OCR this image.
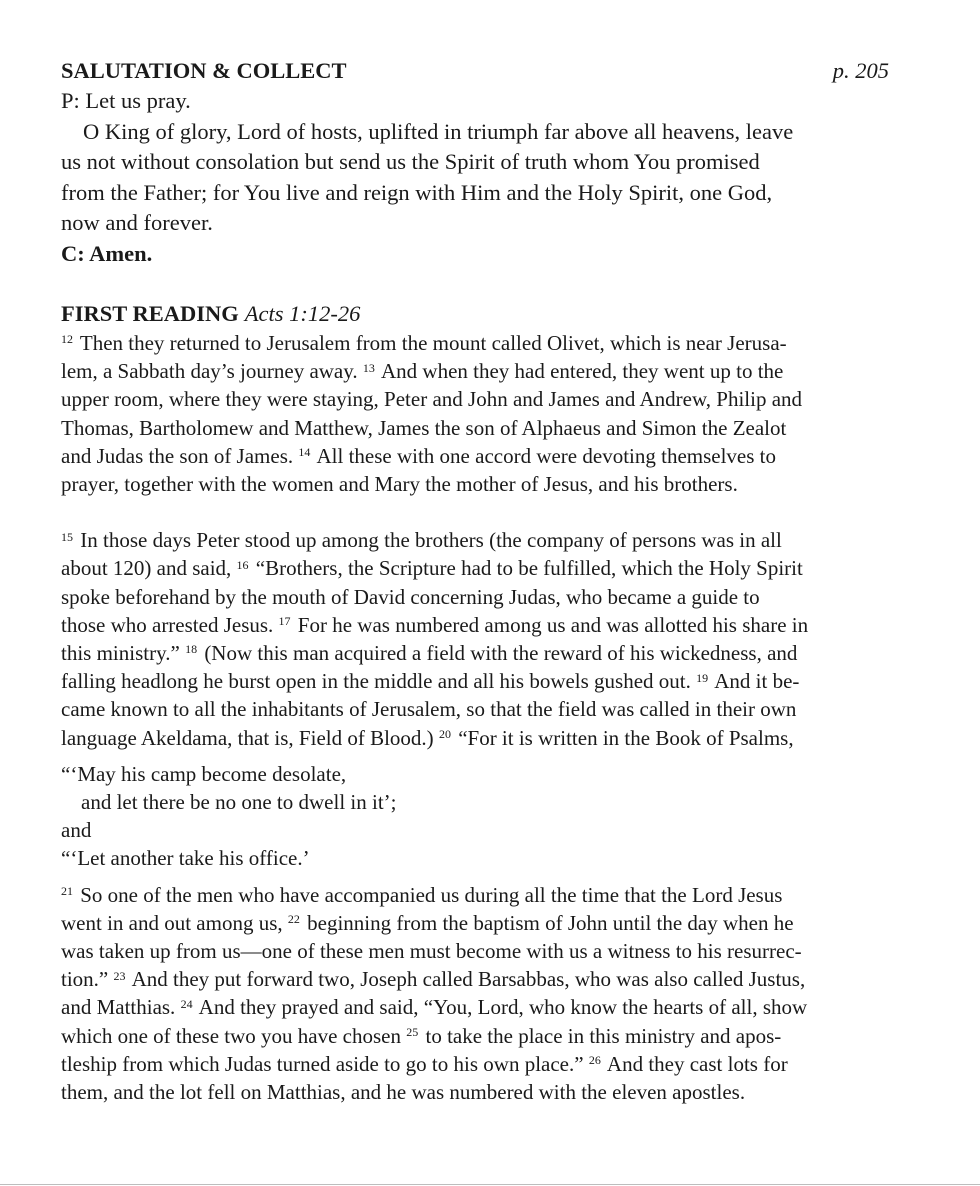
SALUTATION & COLLECT	p. 205
P: Let us pray.
O King of glory, Lord of hosts, uplifted in triumph far above all heavens, leave
us not without consolation but send us the Spirit of truth whom You promised
from the Father; for You live and reign with Him and the Holy Spirit, one God,
now and forever.
C: Amen.
FIRST READING Acts 1:12-26
$^{12}$ Then they returned to Jerusalem from the mount called Olivet, which is near Jerusa-
lem, a Sabbath day’s journey away. $^{13}$ And when they had entered, they went up to the
upper room, where they were staying, Peter and John and James and Andrew, Philip and
Thomas, Bartholomew and Matthew, James the son of Alphaeus and Simon the Zealot
and Judas the son of James. $^{14}$ All these with one accord were devoting themselves to
prayer, together with the women and Mary the mother of Jesus, and his brothers.
$^{15}$ In those days Peter stood up among the brothers (the company of persons was in all
about 120) and said, $^{16}$ “Brothers, the Scripture had to be fulfilled, which the Holy Spirit
spoke beforehand by the mouth of David concerning Judas, who became a guide to
those who arrested Jesus. $^{17}$ For he was numbered among us and was allotted his share in
this ministry.” $^{18}$ (Now this man acquired a field with the reward of his wickedness, and
falling headlong he burst open in the middle and all his bowels gushed out. $^{19}$ And it be-
came known to all the inhabitants of Jerusalem, so that the field was called in their own
language Akeldama, that is, Field of Blood.) $^{20}$ “For it is written in the Book of Psalms,
“‘May his camp become desolate,
and let there be no one to dwell in it’;
and
“‘Let another take his office.’
$^{21}$ So one of the men who have accompanied us during all the time that the Lord Jesus
went in and out among us, $^{22}$ beginning from the baptism of John until the day when he
was taken up from us—one of these men must become with us a witness to his resurrec-
tion.” $^{23}$ And they put forward two, Joseph called Barsabbas, who was also called Justus,
and Matthias. $^{24}$ And they prayed and said, “You, Lord, who know the hearts of all, show
which one of these two you have chosen $^{25}$ to take the place in this ministry and apos-
tleship from which Judas turned aside to go to his own place.” $^{26}$ And they cast lots for
them, and the lot fell on Matthias, and he was numbered with the eleven apostles.
